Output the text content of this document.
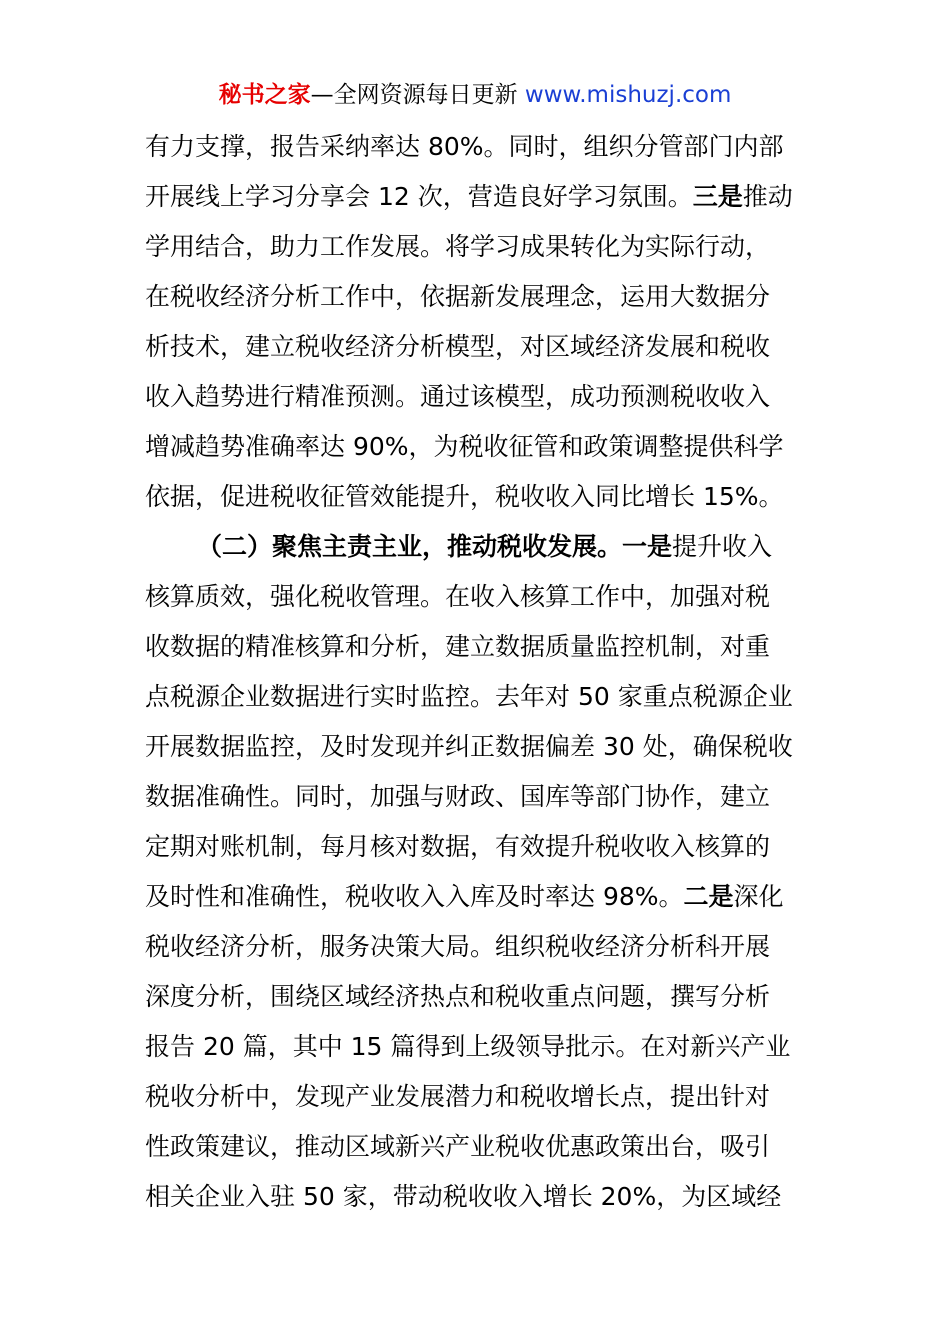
秘书之家—全网资源每日更新 www.mishuzj.com
有力支撑，报告采纳率达 80%。同时，组织分管部门内部
开展线上学习分享会 12 次，营造良好学习氛围。三是推动
学用结合，助力工作发展。将学习成果转化为实际行动，
在税收经济分析工作中，依据新发展理念，运用大数据分
析技术，建立税收经济分析模型，对区域经济发展和税收
收入趋势进行精准预测。通过该模型，成功预测税收收入
增减趋势准确率达 90%，为税收征管和政策调整提供科学
依据，促进税收征管效能提升，税收收入同比增长 15%。
（二）聚焦主责主业，推动税收发展。一是提升收入
核算质效，强化税收管理。在收入核算工作中，加强对税
收数据的精准核算和分析，建立数据质量监控机制，对重
点税源企业数据进行实时监控。去年对 50 家重点税源企业
开展数据监控，及时发现并纠正数据偏差 30 处，确保税收
数据准确性。同时，加强与财政、国库等部门协作，建立
定期对账机制，每月核对数据，有效提升税收收入核算的
及时性和准确性，税收收入入库及时率达 98%。二是深化
税收经济分析，服务决策大局。组织税收经济分析科开展
深度分析，围绕区域经济热点和税收重点问题，撰写分析
报告 20 篇，其中 15 篇得到上级领导批示。在对新兴产业
税收分析中，发现产业发展潜力和税收增长点，提出针对
性政策建议，推动区域新兴产业税收优惠政策出台，吸引
相关企业入驻 50 家，带动税收收入增长 20%，为区域经
